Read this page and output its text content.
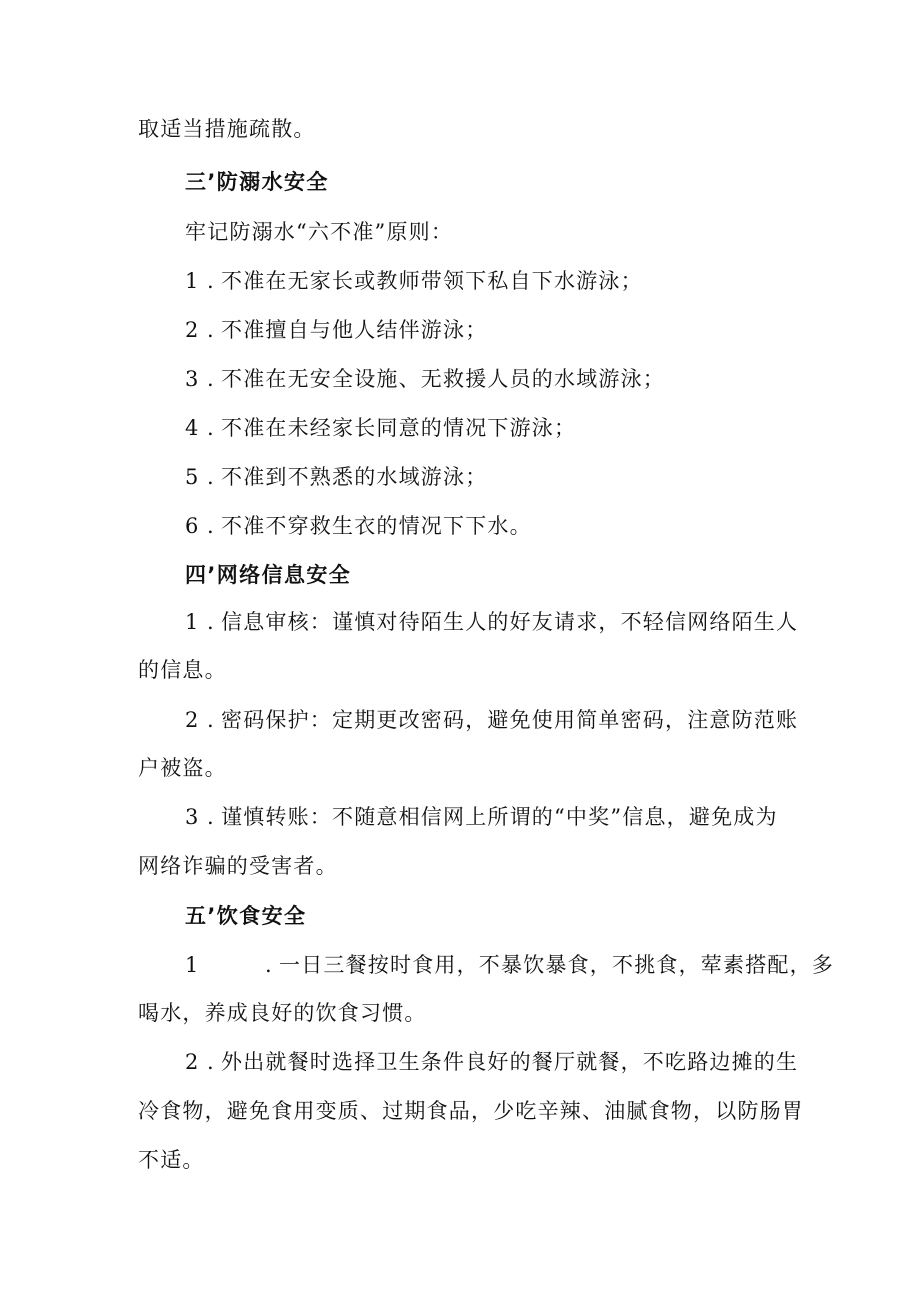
取适当措施疏散。
三’防溺水安全
牢记防溺水“六不准”原则：
1 . 不准在无家长或教师带领下私自下水游泳；
2 . 不准擅自与他人结伴游泳；
3 . 不准在无安全设施、无救援人员的水域游泳；
4 . 不准在未经家长同意的情况下游泳；
5 . 不准到不熟悉的水域游泳；
6 . 不准不穿救生衣的情况下下水。
四’网络信息安全
1 . 信息审核：谨慎对待陌生人的好友请求，不轻信网络陌生人
的信息。
2 . 密码保护：定期更改密码，避免使用简单密码，注意防范账
户被盗。
3 . 谨慎转账：不随意相信网上所谓的“中奖”信息，避免成为
网络诈骗的受害者。
五’饮食安全
1	. 一日三餐按时食用，不暴饮暴食，不挑食，荤素搭配，多
喝水，养成良好的饮食习惯。
2 . 外出就餐时选择卫生条件良好的餐厅就餐，不吃路边摊的生
冷食物，避免食用变质、过期食品，少吃辛辣、油腻食物，以防肠胃
不适。
